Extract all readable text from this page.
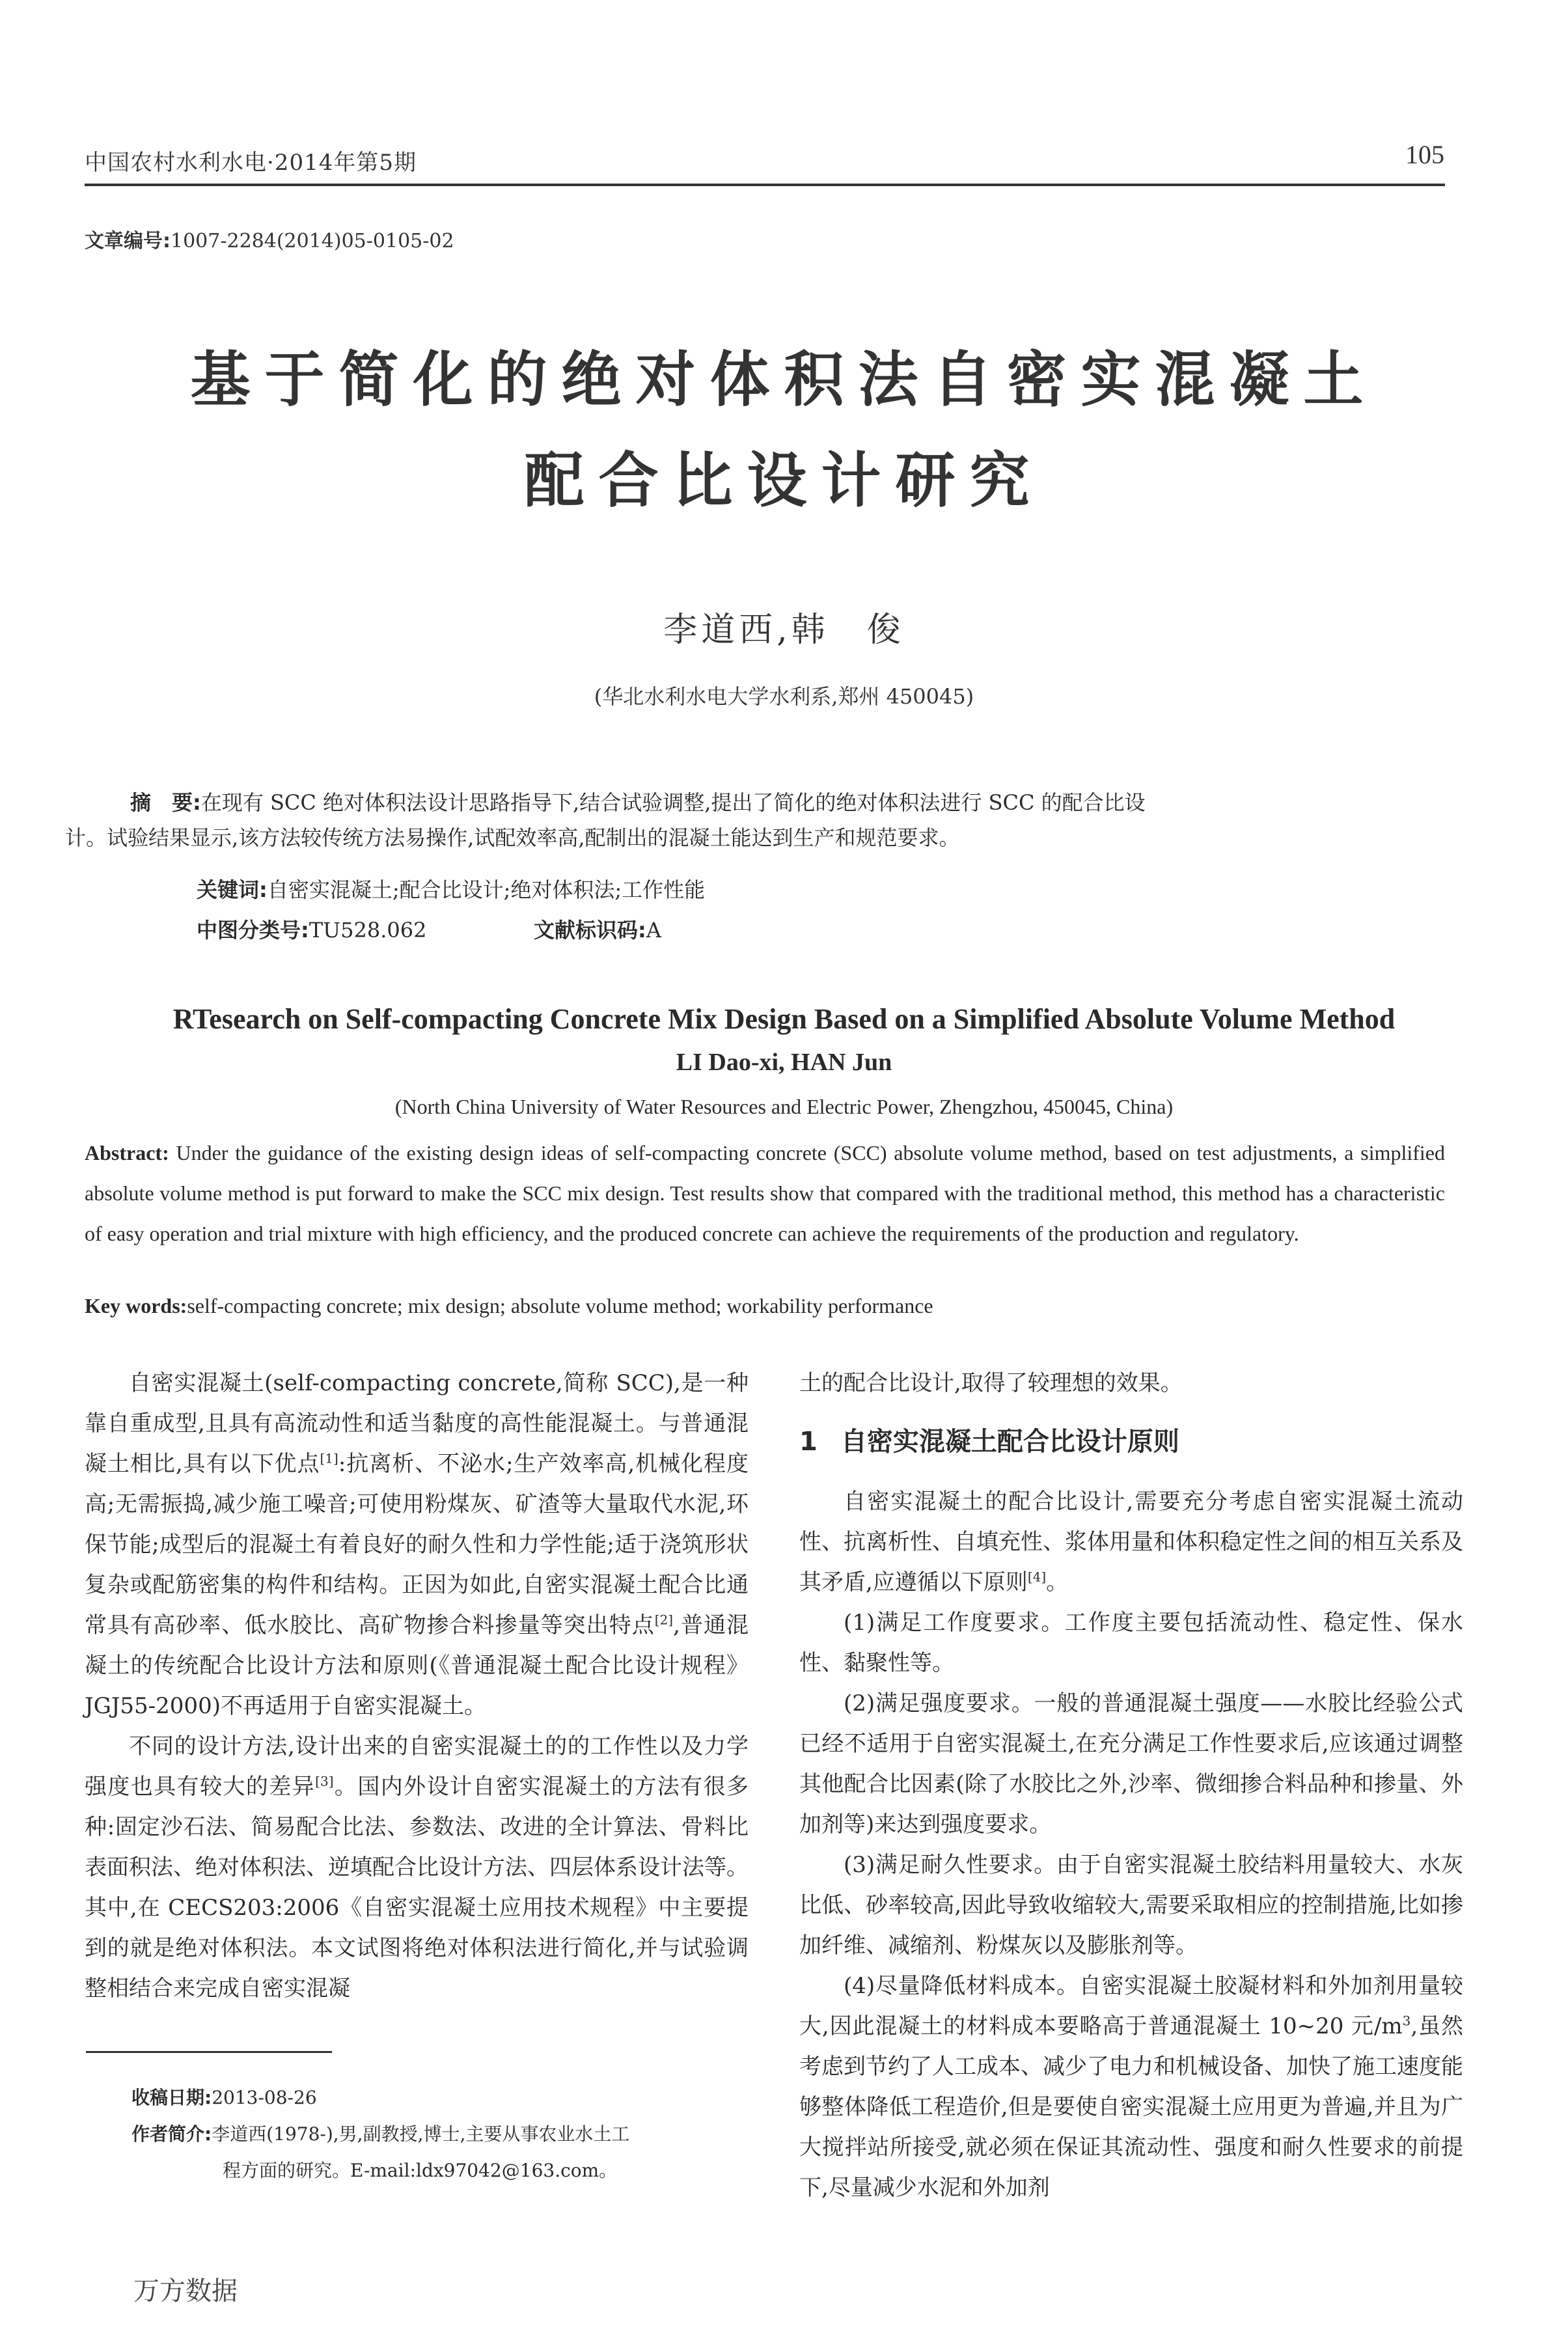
中国农村水利水电·2014年第5期	105
文章编号:1007-2284(2014)05-0105-02
基于简化的绝对体积法自密实混凝土
配合比设计研究
李道西,韩　俊
(华北水利水电大学水利系,郑州 450045)
摘　要:在现有 SCC 绝对体积法设计思路指导下,结合试验调整,提出了简化的绝对体积法进行 SCC 的配合比设
计。试验结果显示,该方法较传统方法易操作,试配效率高,配制出的混凝土能达到生产和规范要求。
关键词:自密实混凝土;配合比设计;绝对体积法;工作性能
中图分类号:TU528.062	文献标识码:A
RTesearch on Self-compacting Concrete Mix Design Based on a Simplified Absolute Volume Method
LI Dao-xi, HAN Jun
(North China University of Water Resources and Electric Power, Zhengzhou, 450045, China)
Abstract: Under the guidance of the existing design ideas of self-compacting concrete (SCC) absolute volume method, based on test adjustments, a simplified absolute volume method is put forward to make the SCC mix design. Test results show that compared with the traditional method, this method has a characteristic of easy operation and trial mixture with high efficiency, and the produced concrete can achieve the requirements of the production and regulatory.
Key words:self-compacting concrete; mix design; absolute volume method; workability performance

自密实混凝土(self-compacting concrete,简称 SCC),是一种靠自重成型,且具有高流动性和适当黏度的高性能混凝土。与普通混凝土相比,具有以下优点[1]:抗离析、不泌水;生产效率高,机械化程度高;无需振捣,减少施工噪音;可使用粉煤灰、矿渣等大量取代水泥,环保节能;成型后的混凝土有着良好的耐久性和力学性能;适于浇筑形状复杂或配筋密集的构件和结构。正因为如此,自密实混凝土配合比通常具有高砂率、低水胶比、高矿物掺合料掺量等突出特点[2],普通混凝土的传统配合比设计方法和原则(《普通混凝土配合比设计规程》JGJ55-2000)不再适用于自密实混凝土。

不同的设计方法,设计出来的自密实混凝土的的工作性以及力学强度也具有较大的差异[3]。国内外设计自密实混凝土的方法有很多种:固定沙石法、简易配合比法、参数法、改进的全计算法、骨料比表面积法、绝对体积法、逆填配合比设计方法、四层体系设计法等。其中,在 CECS203:2006《自密实混凝土应用技术规程》中主要提到的就是绝对体积法。本文试图将绝对体积法进行简化,并与试验调整相结合来完成自密实混凝

土的配合比设计,取得了较理想的效果。

1 自密实混凝土配合比设计原则

自密实混凝土的配合比设计,需要充分考虑自密实混凝土流动性、抗离析性、自填充性、浆体用量和体积稳定性之间的相互关系及其矛盾,应遵循以下原则[4]。

(1)满足工作度要求。工作度主要包括流动性、稳定性、保水性、黏聚性等。

(2)满足强度要求。一般的普通混凝土强度——水胶比经验公式已经不适用于自密实混凝土,在充分满足工作性要求后,应该通过调整其他配合比因素(除了水胶比之外,沙率、微细掺合料品种和掺量、外加剂等)来达到强度要求。

(3)满足耐久性要求。由于自密实混凝土胶结料用量较大、水灰比低、砂率较高,因此导致收缩较大,需要采取相应的控制措施,比如掺加纤维、减缩剂、粉煤灰以及膨胀剂等。

(4)尽量降低材料成本。自密实混凝土胶凝材料和外加剂用量较大,因此混凝土的材料成本要略高于普通混凝土 10~20 元$/m^3$,虽然考虑到节约了人工成本、减少了电力和机械设备、加快了施工速度能够整体降低工程造价,但是要使自密实混凝土应用更为普遍,并且为广大搅拌站所接受,就必须在保证其流动性、强度和耐久性要求的前提下,尽量减少水泥和外加剂

收稿日期:2013-08-26
作者简介:李道西(1978-),男,副教授,博士,主要从事农业水土工
程方面的研究。E-mail:ldx97042@163.com。
万方数据
